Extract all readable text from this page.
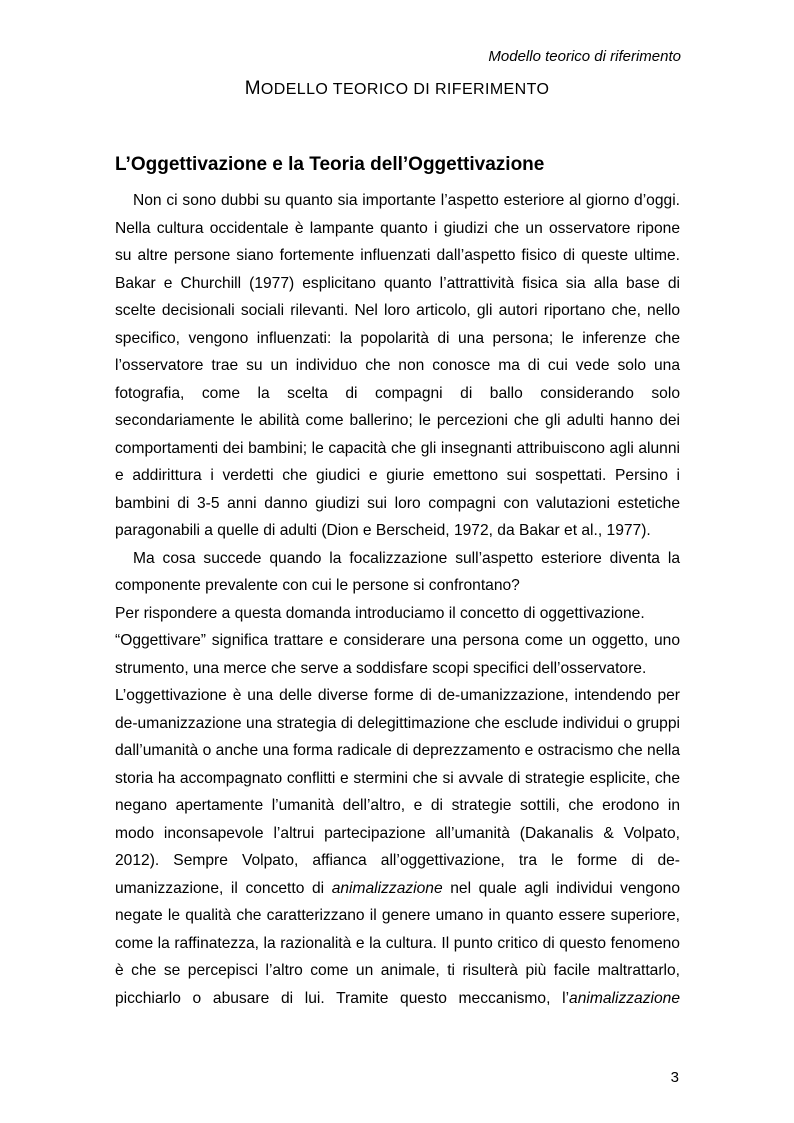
Modello teorico di riferimento
MODELLO TEORICO DI RIFERIMENTO
L’Oggettivazione e la Teoria dell’Oggettivazione

Non ci sono dubbi su quanto sia importante l’aspetto esteriore al giorno d’oggi. Nella cultura occidentale è lampante quanto i giudizi che un osservatore ripone su altre persone siano fortemente influenzati dall’aspetto fisico di queste ultime. Bakar e Churchill (1977) esplicitano quanto l’attrattività fisica sia alla base di scelte decisionali sociali rilevanti. Nel loro articolo, gli autori riportano che, nello specifico, vengono influenzati: la popolarità di una persona; le inferenze che l’osservatore trae su un individuo che non conosce ma di cui vede solo una fotografia, come la scelta di compagni di ballo considerando solo secondariamente le abilità come ballerino; le percezioni che gli adulti hanno dei comportamenti dei bambini; le capacità che gli insegnanti attribuiscono agli alunni e addirittura i verdetti che giudici e giurie emettono sui sospettati. Persino i bambini di 3-5 anni danno giudizi sui loro compagni con valutazioni estetiche paragonabili a quelle di adulti (Dion e Berscheid, 1972, da Bakar et al., 1977).

Ma cosa succede quando la focalizzazione sull’aspetto esteriore diventa la componente prevalente con cui le persone si confrontano?

Per rispondere a questa domanda introduciamo il concetto di oggettivazione.

“Oggettivare” significa trattare e considerare una persona come un oggetto, uno strumento, una merce che serve a soddisfare scopi specifici dell’osservatore.

L’oggettivazione è una delle diverse forme di de-umanizzazione, intendendo per de-umanizzazione una strategia di delegittimazione che esclude individui o gruppi dall’umanità o anche una forma radicale di deprezzamento e ostracismo che nella storia ha accompagnato conflitti e stermini che si avvale di strategie esplicite, che negano apertamente l’umanità dell’altro, e di strategie sottili, che erodono in modo inconsapevole l’altrui partecipazione all’umanità (Dakanalis & Volpato, 2012). Sempre Volpato, affianca all’oggettivazione, tra le forme di de-umanizzazione, il concetto di animalizzazione nel quale agli individui vengono negate le qualità che caratterizzano il genere umano in quanto essere superiore, come la raffinatezza, la razionalità e la cultura. Il punto critico di questo fenomeno è che se percepisci l’altro come un animale, ti risulterà più facile maltrattarlo, picchiarlo o abusare di lui. Tramite questo meccanismo, l’animalizzazione

3
